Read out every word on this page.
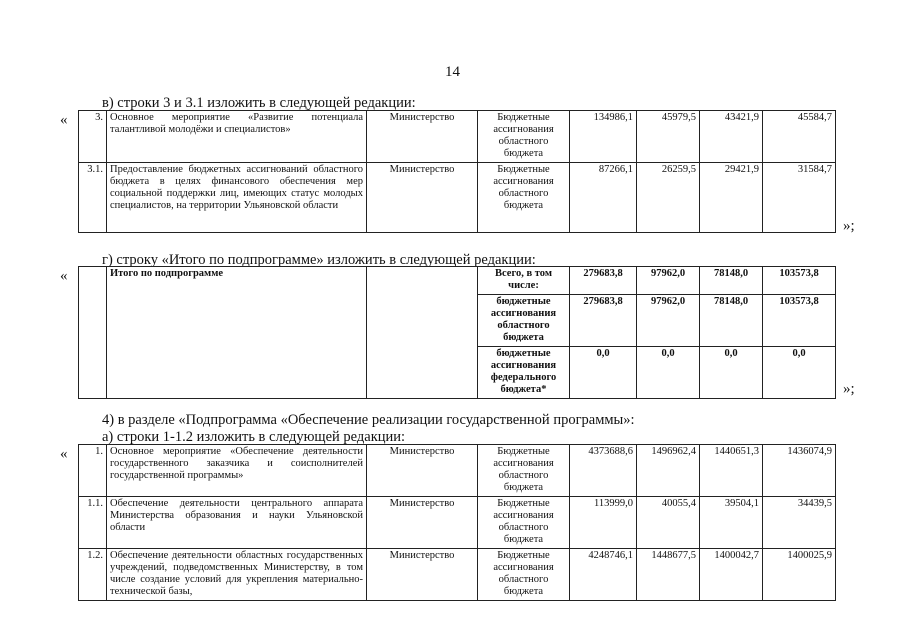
14
в) строки 3 и 3.1 изложить в следующей редакции:
«	3.	Основное мероприятие «Развитие потенциала талантливой молодёжи и специалистов»	Министерство	Бюджетные ассигнования областного бюджета	134986,1	45979,5	43421,9	45584,7
3.1.	Предоставление бюджетных ассигнований областного бюджета в целях финансового обеспечения мер социальной поддержки лиц, имеющих статус молодых специалистов, на территории Ульяновской области	Министерство	Бюджетные ассигнования областного бюджета	87266,1	26259,5	29421,9	31584,7
»;
г) строку «Итого по подпрограмме» изложить в следующей редакции:
«
		Итого по подпрограмме		Всего, в том числе:	279683,8	97962,0	78148,0	103573,8
			бюджетные ассигнования областного бюджета	279683,8	97962,0	78148,0	103573,8
			бюджетные ассигнования федерального бюджета*	0,0	0,0	0,0	0,0
»;
4) в разделе «Подпрограмма «Обеспечение реализации государственной программы»:
а) строки 1-1.2 изложить в следующей редакции:
«	1.	Основное мероприятие «Обеспечение деятельности государственного заказчика и соисполнителей государственной программы»	Министерство	Бюджетные ассигнования областного бюджета	4373688,6	1496962,4	1440651,3	1436074,9
1.1.	Обеспечение деятельности центрального аппарата Министерства образования и науки Ульяновской области	Министерство	Бюджетные ассигнования областного бюджета	113999,0	40055,4	39504,1	34439,5
1.2.	Обеспечение деятельности областных государственных учреждений, подведомственных Министерству, в том числе создание условий для укрепления материально-технической базы,	Министерство	Бюджетные ассигнования областного бюджета	4248746,1	1448677,5	1400042,7	1400025,9
